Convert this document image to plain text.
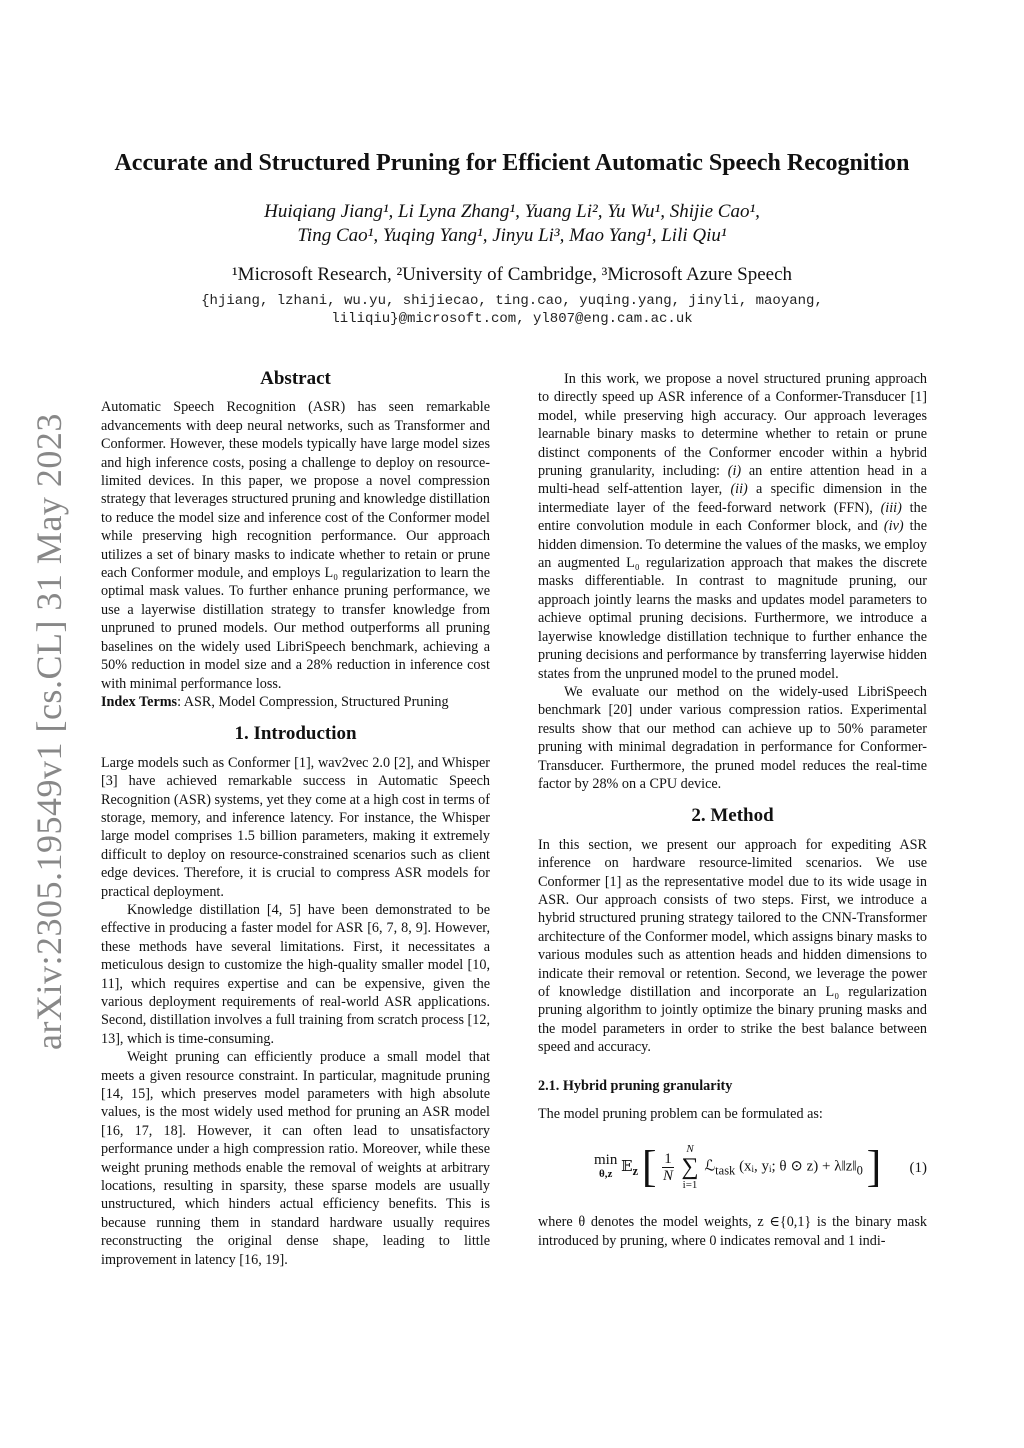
arXiv:2305.19549v1 [cs.CL] 31 May 2023
Accurate and Structured Pruning for Efficient Automatic Speech Recognition
Huiqiang Jiang¹, Li Lyna Zhang¹, Yuang Li², Yu Wu¹, Shijie Cao¹,
Ting Cao¹, Yuqing Yang¹, Jinyu Li³, Mao Yang¹, Lili Qiu¹
¹Microsoft Research, ²University of Cambridge, ³Microsoft Azure Speech
{hjiang, lzhani, wu.yu, shijiecao, ting.cao, yuqing.yang, jinyli, maoyang,
liliqiu}@microsoft.com, yl807@eng.cam.ac.uk
Abstract

Automatic Speech Recognition (ASR) has seen remarkable advancements with deep neural networks, such as Transformer and Conformer. However, these models typically have large model sizes and high inference costs, posing a challenge to deploy on resource-limited devices. In this paper, we propose a novel compression strategy that leverages structured pruning and knowledge distillation to reduce the model size and inference cost of the Conformer model while preserving high recognition performance. Our approach utilizes a set of binary masks to indicate whether to retain or prune each Conformer module, and employs L₀ regularization to learn the optimal mask values. To further enhance pruning performance, we use a layerwise distillation strategy to transfer knowledge from unpruned to pruned models. Our method outperforms all pruning baselines on the widely used LibriSpeech benchmark, achieving a 50% reduction in model size and a 28% reduction in inference cost with minimal performance loss.

Index Terms: ASR, Model Compression, Structured Pruning

1. Introduction

Large models such as Conformer [1], wav2vec 2.0 [2], and Whisper [3] have achieved remarkable success in Automatic Speech Recognition (ASR) systems, yet they come at a high cost in terms of storage, memory, and inference latency. For instance, the Whisper large model comprises 1.5 billion parameters, making it extremely difficult to deploy on resource-constrained scenarios such as client edge devices. Therefore, it is crucial to compress ASR models for practical deployment.

Knowledge distillation [4, 5] have been demonstrated to be effective in producing a faster model for ASR [6, 7, 8, 9]. However, these methods have several limitations. First, it necessitates a meticulous design to customize the high-quality smaller model [10, 11], which requires expertise and can be expensive, given the various deployment requirements of real-world ASR applications. Second, distillation involves a full training from scratch process [12, 13], which is time-consuming.

Weight pruning can efficiently produce a small model that meets a given resource constraint. In particular, magnitude pruning [14, 15], which preserves model parameters with high absolute values, is the most widely used method for pruning an ASR model [16, 17, 18]. However, it can often lead to unsatisfactory performance under a high compression ratio. Moreover, while these weight pruning methods enable the removal of weights at arbitrary locations, resulting in sparsity, these sparse models are usually unstructured, which hinders actual efficiency benefits. This is because running them in standard hardware usually requires reconstructing the original dense shape, leading to little improvement in latency [16, 19].

In this work, we propose a novel structured pruning approach to directly speed up ASR inference of a Conformer-Transducer [1] model, while preserving high accuracy. Our approach leverages learnable binary masks to determine whether to retain or prune distinct components of the Conformer encoder within a hybrid pruning granularity, including: (i) an entire attention head in a multi-head self-attention layer, (ii) a specific dimension in the intermediate layer of the feed-forward network (FFN), (iii) the entire convolution module in each Conformer block, and (iv) the hidden dimension. To determine the values of the masks, we employ an augmented L₀ regularization approach that makes the discrete masks differentiable. In contrast to magnitude pruning, our approach jointly learns the masks and updates model parameters to achieve optimal pruning decisions. Furthermore, we introduce a layerwise knowledge distillation technique to further enhance the pruning decisions and performance by transferring layerwise hidden states from the unpruned model to the pruned model.

We evaluate our method on the widely-used LibriSpeech benchmark [20] under various compression ratios. Experimental results show that our method can achieve up to 50% parameter pruning with minimal degradation in performance for Conformer-Transducer. Furthermore, the pruned model reduces the real-time factor by 28% on a CPU device.

2. Method

In this section, we present our approach for expediting ASR inference on hardware resource-limited scenarios. We use Conformer [1] as the representative model due to its wide usage in ASR. Our approach consists of two steps. First, we introduce a hybrid structured pruning strategy tailored to the CNN-Transformer architecture of the Conformer model, which assigns binary masks to various modules such as attention heads and hidden dimensions to indicate their removal or retention. Second, we leverage the power of knowledge distillation and incorporate an L₀ regularization pruning algorithm to jointly optimize the binary pruning masks and the model parameters in order to strike the best balance between speed and accuracy.

2.1. Hybrid pruning granularity

The model pruning problem can be formulated as:

min
θ,z 𝔼$_z$ [ $\frac{1}{N}$
N
∑
i=1
ℒ$_{task}$ (xᵢ, yᵢ; θ ⊙ $z) + \lambda‖z‖_0$ ] (1)

where θ denotes the model weights, z ∈{0,1} is the binary mask introduced by pruning, where 0 indicates removal and 1 indi-
